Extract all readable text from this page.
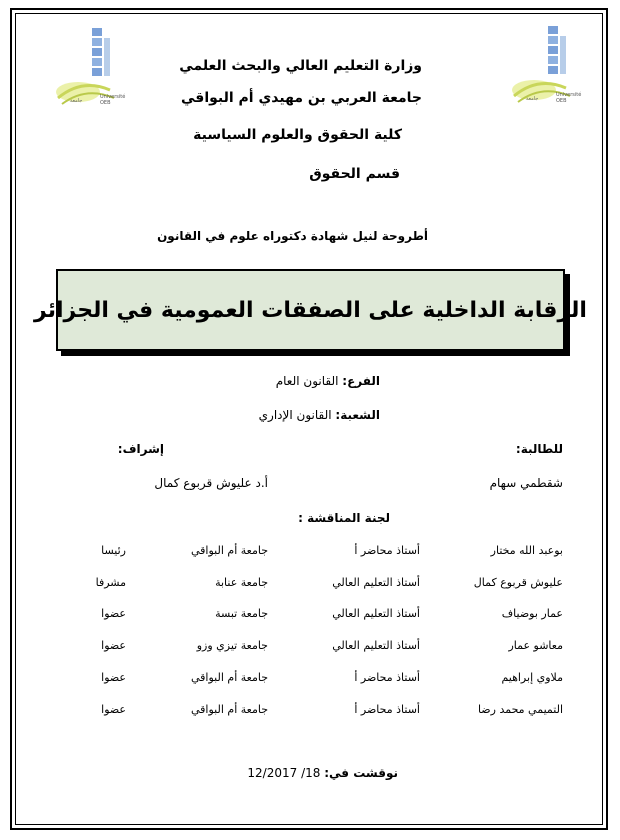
جامعة
Université OEB
جامعة
Université OEB
وزارة التعليم العالي والبحث العلمي
جامعة العربي بن مهيدي أم البواقي
كلية الحقوق والعلوم السياسية
قسم الحقوق
أطروحة لنيل شهادة دكتوراه علوم في القانون
الرقابة الداخلية على الصفقات العمومية في الجزائر
الفرع: القانون العام
الشعبة: القانون الإداري
للطالبة:
إشراف:
شقطمي سهام
أ.د عليوش قربوع كمال
لجنة المناقشة :
بوعبد الله مختار
أستاذ محاضر أ
جامعة أم البواقي
رئيسا
عليوش قربوع كمال
أستاذ التعليم العالي
جامعة عنابة
مشرفا
عمار بوضياف
أستاذ التعليم العالي
جامعة تبسة
عضوا
معاشو عمار
أستاذ التعليم العالي
جامعة تيزي وزو
عضوا
ملاوي إبراهيم
أستاذ محاضر أ
جامعة أم البواقي
عضوا
التميمي محمد رضا
أستاذ محاضر أ
جامعة أم البواقي
عضوا
نوقشت في: 18/ 12/2017
